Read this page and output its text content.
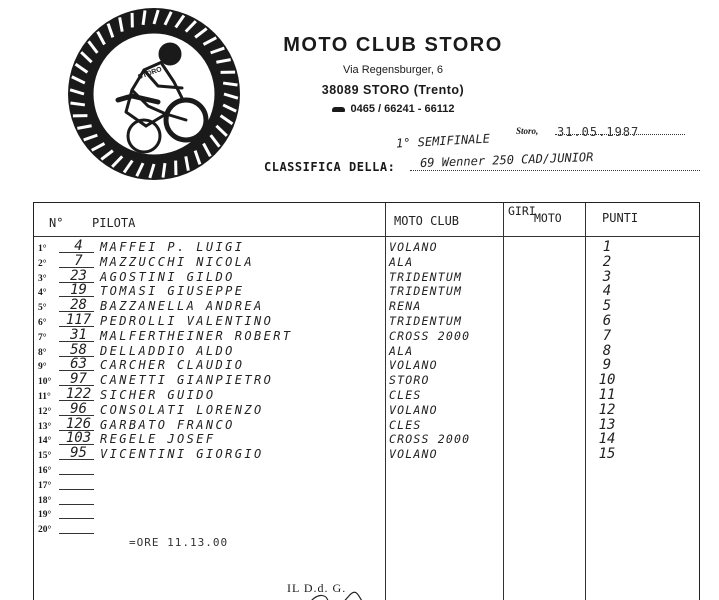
STORO
MOTO CLUB STORO
Via Regensburger, 6
38089 STORO (Trento)
0465 / 66241 - 66112
1° SEMIFINALE
Storo, 31.05.1987
CLASSIFICA DELLA: 69 Wenner 250 CAD/JUNIOR
N° PILOTA	MOTO CLUB
GIRI
MOTO	PUNTI
1°	4	MAFFEI P. LUIGI	VOLANO	1
2°	7	MAZZUCCHI NICOLA	ALA	2
3°	23	AGOSTINI GILDO	TRIDENTUM	3
4°	19	TOMASI GIUSEPPE	TRIDENTUM	4
5°	28	BAZZANELLA ANDREA	RENA	5
6° 117 PEDROLLI VALENTINO	TRIDENTUM	6
7°	31	MALFERTHEINER ROBERT	CROSS 2000	7
8°	58	DELLADDIO ALDO	ALA	8
9°	63	CARCHER CLAUDIO	VOLANO	9
10°	97	CANETTI GIANPIETRO	STORO	10
11° 122 SICHER GUIDO	CLES	11
12°	96	CONSOLATI LORENZO	VOLANO	12
13° 126 GARBATO FRANCO	CLES	13
14° 103 REGELE JOSEF	CROSS 2000	14
15°	95	VICENTINI GIORGIO	VOLANO	15
16°
17°
18°
19°
20°
=ORE 11.13.00
IL D.d. G.
